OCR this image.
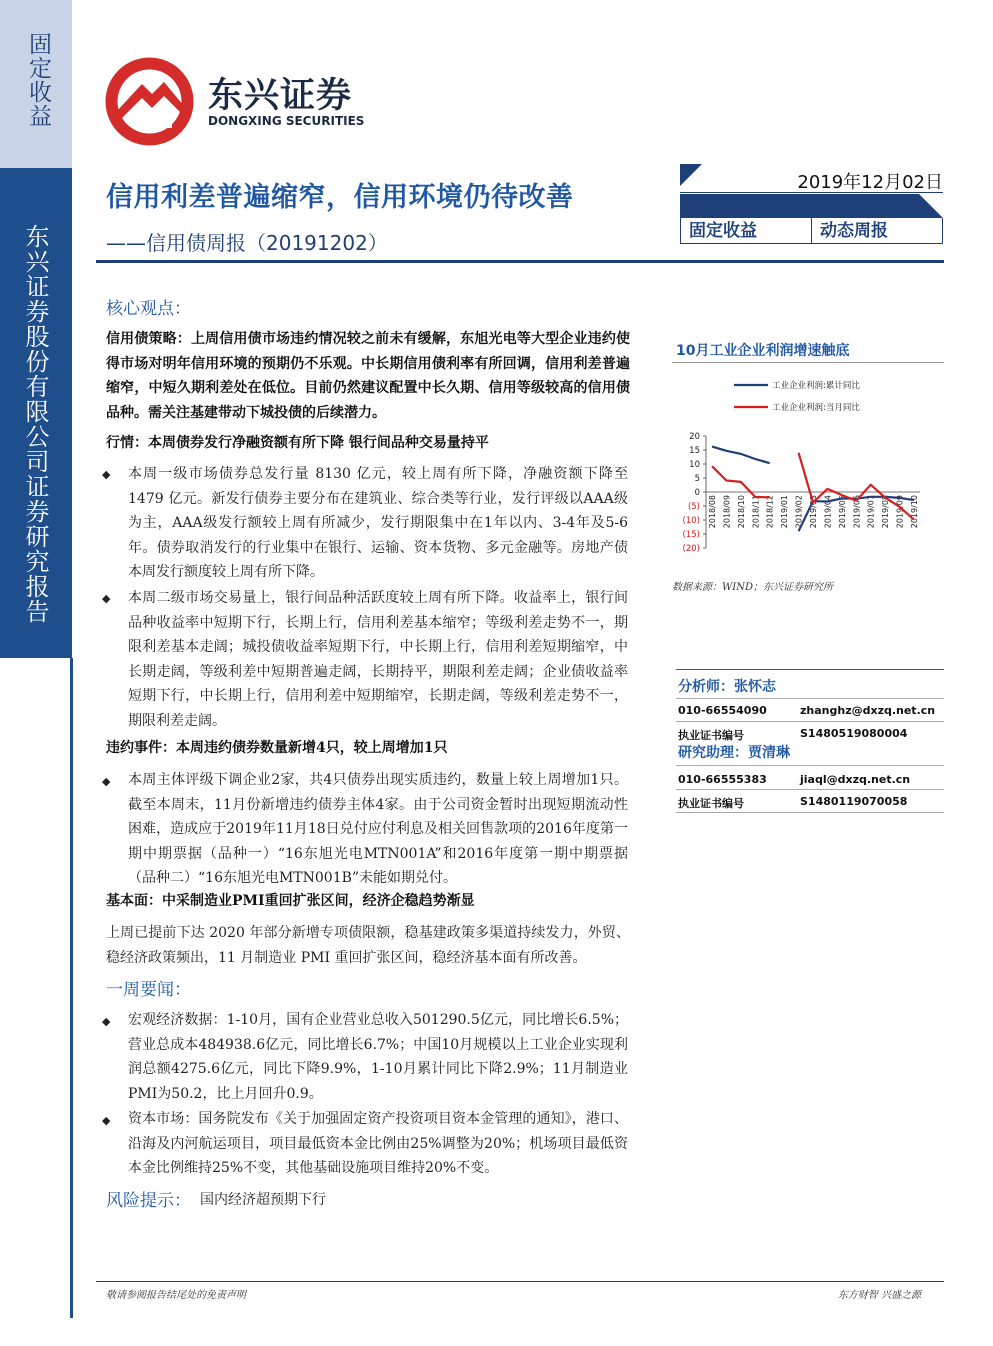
固定收益
东兴证券股份有限公司证券研究报告
东兴证券
DONGXING SECURITIES
信用利差普遍缩窄，信用环境仍待改善
——信用债周报（20191202）
2019年12月02日
固定收益	动态周报
核心观点：
信用债策略：上周信用债市场违约情况较之前未有缓解，东旭光电等大型企业违约使得市场对明年信用环境的预期仍不乐观。中长期信用债利率有所回调，信用利差普遍缩窄，中短久期利差处在低位。目前仍然建议配置中长久期、信用等级较高的信用债品种。需关注基建带动下城投债的后续潜力。
行情：本周债券发行净融资额有所下降 银行间品种交易量持平
◆ 本周一级市场债券总发行量 8130 亿元，较上周有所下降，净融资额下降至 1479 亿元。新发行债券主要分布在建筑业、综合类等行业，发行评级以AAA级为主，AAA级发行额较上周有所减少，发行期限集中在1年以内、3-4年及5-6年。债券取消发行的行业集中在银行、运输、资本货物、多元金融等。房地产债本周发行额度较上周有所下降。
◆ 本周二级市场交易量上，银行间品种活跃度较上周有所下降。收益率上，银行间品种收益率中短期下行，长期上行，信用利差基本缩窄；等级利差走势不一，期限利差基本走阔；城投债收益率短期下行，中长期上行，信用利差短期缩窄，中长期走阔，等级利差中短期普遍走阔，长期持平，期限利差走阔；企业债收益率短期下行，中长期上行，信用利差中短期缩窄，长期走阔，等级利差走势不一，期限利差走阔。
违约事件：本周违约债券数量新增4只，较上周增加1只
◆ 本周主体评级下调企业2家，共4只债券出现实质违约，数量上较上周增加1只。截至本周末，11月份新增违约债券主体4家。由于公司资金暂时出现短期流动性困难，造成应于2019年11月18日兑付应付利息及相关回售款项的2016年度第一期中期票据（品种一）“16东旭光电MTN001A”和2016年度第一期中期票据（品种二）“16东旭光电MTN001B”未能如期兑付。
基本面：中采制造业PMI重回扩张区间，经济企稳趋势渐显
上周已提前下达 2020 年部分新增专项债限额，稳基建政策多渠道持续发力，外贸、稳经济政策频出，11 月制造业 PMI 重回扩张区间，稳经济基本面有所改善。
一周要闻：
◆ 宏观经济数据：1-10月，国有企业营业总收入501290.5亿元，同比增长6.5%；营业总成本484938.6亿元，同比增长6.7%；中国10月规模以上工业企业实现利润总额4275.6亿元，同比下降9.9%，1-10月累计同比下降2.9%；11月制造业PMI为50.2，比上月回升0.9。
◆ 资本市场：国务院发布《关于加强固定资产投资项目资本金管理的通知》，港口、沿海及内河航运项目，项目最低资本金比例由25%调整为20%；机场项目最低资本金比例维持25%不变，其他基础设施项目维持20%不变。
风险提示： 国内经济超预期下行
10月工业企业利润增速触底
20
15
10
5
0
(5)
(10)
(15)
(20)
2018/08 2018/09 2018/10 2018/11 2018/12 2019/01 2019/02 2019/03 2019/04 2019/05 2019/06 2019/07 2019/08 2019/09 2019/10
工业企业利润:累计同比
工业企业利润:当月同比
数据来源：WIND；东兴证券研究所
分析师：张怀志
010-66554090	zhanghz@dxzq.net.cn
执业证书编号	S1480519080004
研究助理：贾清琳
010-66555383	jiaql@dxzq.net.cn
执业证书编号	S1480119070058
敬请参阅报告结尾处的免责声明	东方财智 兴盛之源
